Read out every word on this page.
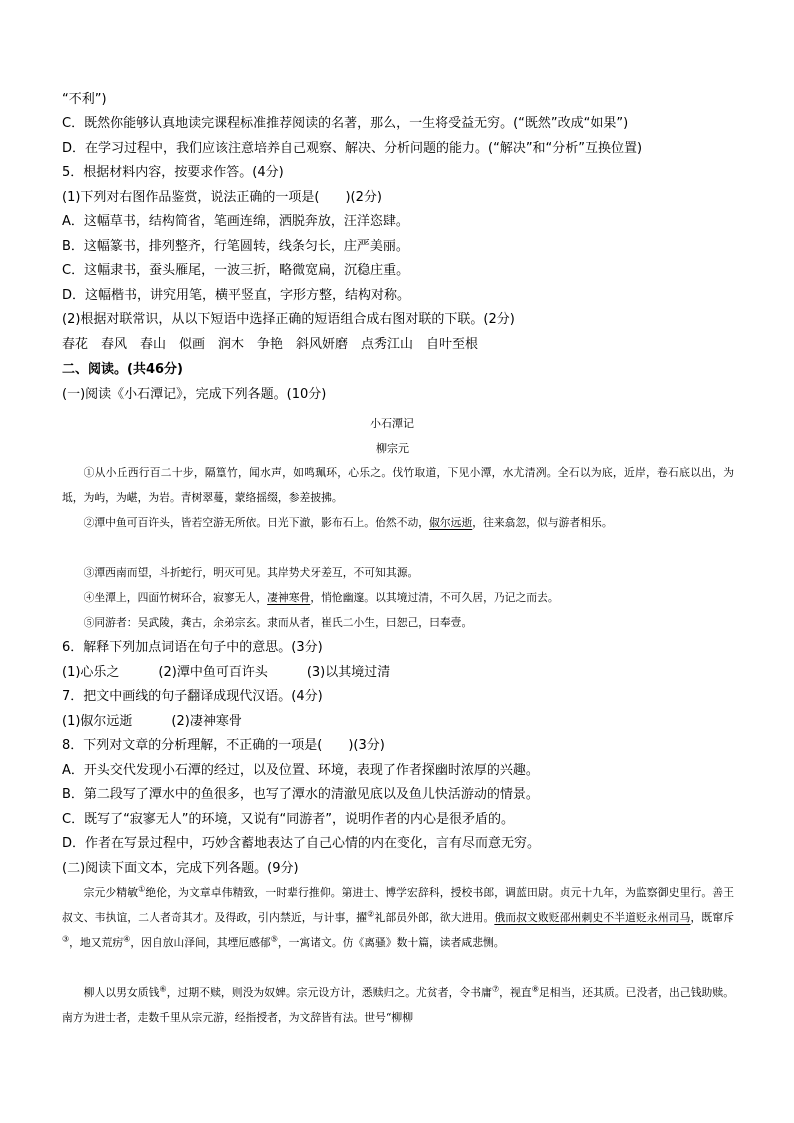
“不利”)
C．既然你能够认真地读完课程标准推荐阅读的名著，那么，一生将受益无穷。(“既然”改成“如果”)
D．在学习过程中，我们应该注意培养自己观察、解决、分析问题的能力。(“解决”和“分析”互换位置)
5．根据材料内容，按要求作答。(4分)
(1)下列对右图作品鉴赏，说法正确的一项是(　　)(2分)
A．这幅草书，结构简省，笔画连绵，洒脱奔放，汪洋恣肆。
B．这幅篆书，排列整齐，行笔圆转，线条匀长，庄严美丽。
C．这幅隶书，蚕头雁尾，一波三折，略微宽扁，沉稳庄重。
D．这幅楷书，讲究用笔，横平竖直，字形方整，结构对称。
(2)根据对联常识，从以下短语中选择正确的短语组合成右图对联的下联。(2分)
春花　春风　春山　似画　润木　争艳　斜风妍磨　点秀江山　自叶至根
二、阅读。(共46分)
(一)阅读《小石潭记》，完成下列各题。(10分)
小石潭记
柳宗元
①从小丘西行百二十步，隔篁竹，闻水声，如鸣珮环，心乐之。伐竹取道，下见小潭，水尤清冽。全石以为底，近岸，卷石底以出，为坻，为屿，为嵁，为岩。青树翠蔓，蒙络摇缀，参差披拂。
②潭中鱼可百许头，皆若空游无所依。日光下澈，影布石上。佁然不动，俶尔远逝，往来翕忽，似与游者相乐。
③潭西南而望，斗折蛇行，明灭可见。其岸势犬牙差互，不可知其源。
④坐潭上，四面竹树环合，寂寥无人，凄神寒骨，悄怆幽邃。以其境过清，不可久居，乃记之而去。
⑤同游者：吴武陵，龚古，余弟宗玄。隶而从者，崔氏二小生，曰恕己，曰奉壹。
6．解释下列加点词语在句子中的意思。(3分)
(1)心乐之　　　(2)潭中鱼可百许头　　　(3)以其境过清
7．把文中画线的句子翻译成现代汉语。(4分)
(1)俶尔远逝　　　(2)凄神寒骨
8．下列对文章的分析理解，不正确的一项是(　　)(3分)
A．开头交代发现小石潭的经过，以及位置、环境，表现了作者探幽时浓厚的兴趣。
B．第二段写了潭水中的鱼很多，也写了潭水的清澈见底以及鱼儿快活游动的情景。
C．既写了“寂寥无人”的环境，又说有“同游者”，说明作者的内心是很矛盾的。
D．作者在写景过程中，巧妙含蓄地表达了自己心情的内在变化，言有尽而意无穷。
(二)阅读下面文本，完成下列各题。(9分)
宗元少精敏①绝伦，为文章卓伟精致，一时辈行推仰。第进士、博学宏辞科，授校书郎，调蓝田尉。贞元十九年，为监察御史里行。善王叔文、韦执谊，二人者奇其才。及得政，引内禁近，与计事，擢②礼部员外郎，欲大进用。俄而叔文败贬邵州刺史不半道贬永州司马，既窜斥③，地又荒疠④，因自放山泽间，其堙厄感郁⑤，一寓诸文。仿《离骚》数十篇，读者咸悲恻。
柳人以男女质钱⑥，过期不赎，则没为奴婢。宗元设方计，悉赎归之。尤贫者，令书庸⑦，视直⑧足相当，还其质。已没者，出己钱助赎。南方为进士者，走数千里从宗元游，经指授者，为文辞皆有法。世号“柳柳
